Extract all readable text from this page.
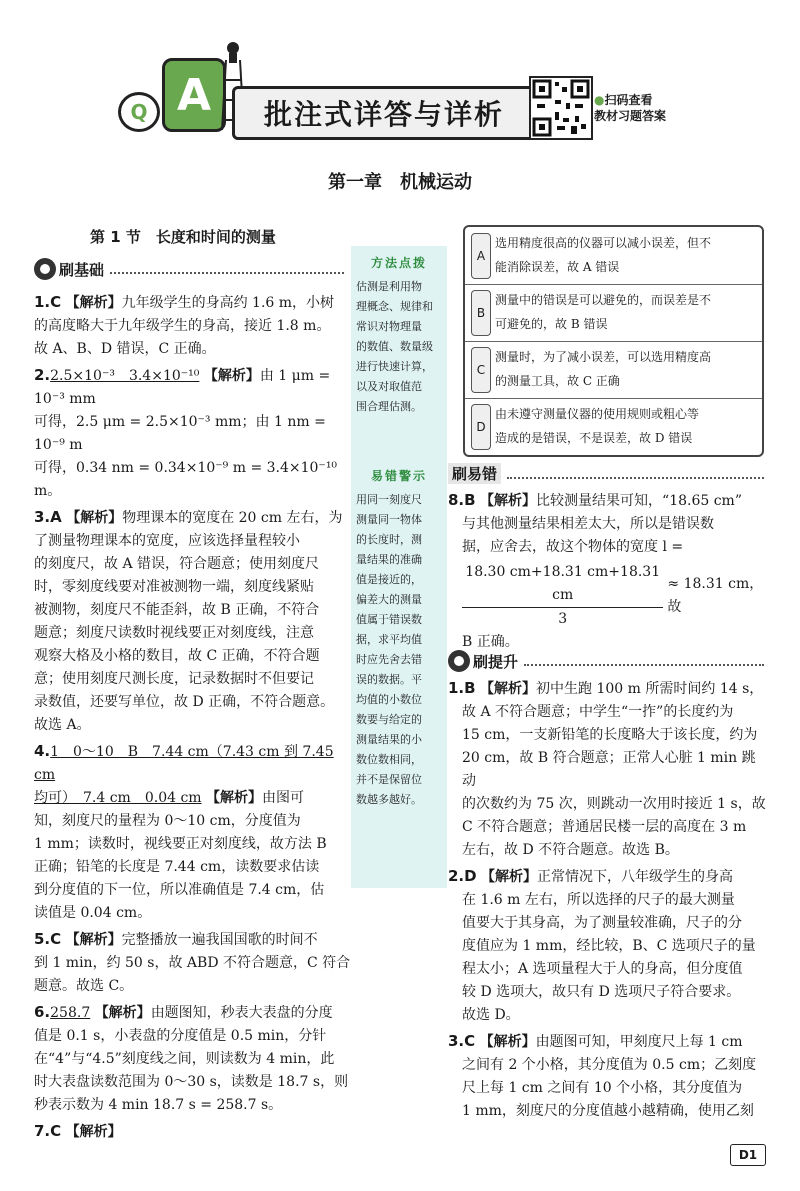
Q A 批注式详答与详析	●扫码查看
教材习题答案
第一章　机械运动
第 1 节　长度和时间的测量
刷基础
1.C 【解析】九年级学生的身高约 1.6 m，小树
的高度略大于九年级学生的身高，接近 1.8 m。
故 A、B、D 错误，C 正确。
2.2.5×10⁻³　3.4×10⁻¹⁰ 【解析】由 1 μm = 10⁻³ mm
可得，2.5 μm = 2.5×10⁻³ mm；由 1 nm = 10⁻⁹ m
可得，0.34 nm = 0.34×10⁻⁹ m = 3.4×10⁻¹⁰ m。
3.A 【解析】物理课本的宽度在 20 cm 左右，为
了测量物理课本的宽度，应该选择量程较小
的刻度尺，故 A 错误，符合题意；使用刻度尺
时，零刻度线要对准被测物一端，刻度线紧贴
被测物，刻度尺不能歪斜，故 B 正确，不符合
题意；刻度尺读数时视线要正对刻度线，注意
观察大格及小格的数目，故 C 正确，不符合题
意；使用刻度尺测长度，记录数据时不但要记
录数值，还要写单位，故 D 正确，不符合题意。
故选 A。
4.1　0～10　B　7.44 cm（7.43 cm 到 7.45 cm
均可）　7.4 cm　0.04 cm 【解析】由图可
知，刻度尺的量程为 0～10 cm，分度值为
1 mm；读数时，视线要正对刻度线，故方法 B
正确；铅笔的长度是 7.44 cm，读数要求估读
到分度值的下一位，所以准确值是 7.4 cm，估
读值是 0.04 cm。
5.C 【解析】完整播放一遍我国国歌的时间不
到 1 min，约 50 s，故 ABD 不符合题意，C 符合
题意。故选 C。
6.258.7 【解析】由题图知，秒表大表盘的分度
值是 0.1 s，小表盘的分度值是 0.5 min，分针
在“4”与“4.5”刻度线之间，则读数为 4 min，此
时大表盘读数范围为 0～30 s，读数是 18.7 s，则
秒表示数为 4 min 18.7 s = 258.7 s。
7.C 【解析】
方法点拨
估测是利用物
理概念、规律和
常识对物理量
的数值、数量级
进行快速计算，
以及对取值范
围合理估测。
易错警示
用同一刻度尺
测量同一物体
的长度时，测
量结果的准确
值是接近的，
偏差大的测量
值属于错误数
据，求平均值
时应先舍去错
误的数据。平
均值的小数位
数要与给定的
测量结果的小
数位数相同，
并不是保留位
数越多越好。
A
选用精度很高的仪器可以减小误差，但不
能消除误差，故 A 错误
B
测量中的错误是可以避免的，而误差是不
可避免的，故 B 错误
C
测量时，为了减小误差，可以选用精度高
的测量工具，故 C 正确
D
由未遵守测量仪器的使用规则或粗心等
造成的是错误，不是误差，故 D 错误
刷易错
8.B 【解析】比较测量结果可知，“18.65 cm”
与其他测量结果相差太大，所以是错误数
据，应舍去，故这个物体的宽度 l =
$\frac{18.30 cm+18.31 cm+18.31 cm}{3} \approx 18.31$ cm，故
B 正确。
刷提升
1.B 【解析】初中生跑 100 m 所需时间约 14 s，
故 A 不符合题意；中学生“一拃”的长度约为
15 cm，一支新铅笔的长度略大于该长度，约为
20 cm，故 B 符合题意；正常人心脏 1 min 跳动
的次数约为 75 次，则跳动一次用时接近 1 s，故
C 不符合题意；普通居民楼一层的高度在 3 m
左右，故 D 不符合题意。故选 B。
2.D 【解析】正常情况下，八年级学生的身高
在 1.6 m 左右，所以选择的尺子的最大测量
值要大于其身高，为了测量较准确，尺子的分
度值应为 1 mm，经比较，B、C 选项尺子的量
程太小；A 选项量程大于人的身高，但分度值
较 D 选项大，故只有 D 选项尺子符合要求。
故选 D。
3.C 【解析】由题图可知，甲刻度尺上每 1 cm
之间有 2 个小格，其分度值为 0.5 cm；乙刻度
尺上每 1 cm 之间有 10 个小格，其分度值为
1 mm，刻度尺的分度值越小越精确，使用乙刻
D1
